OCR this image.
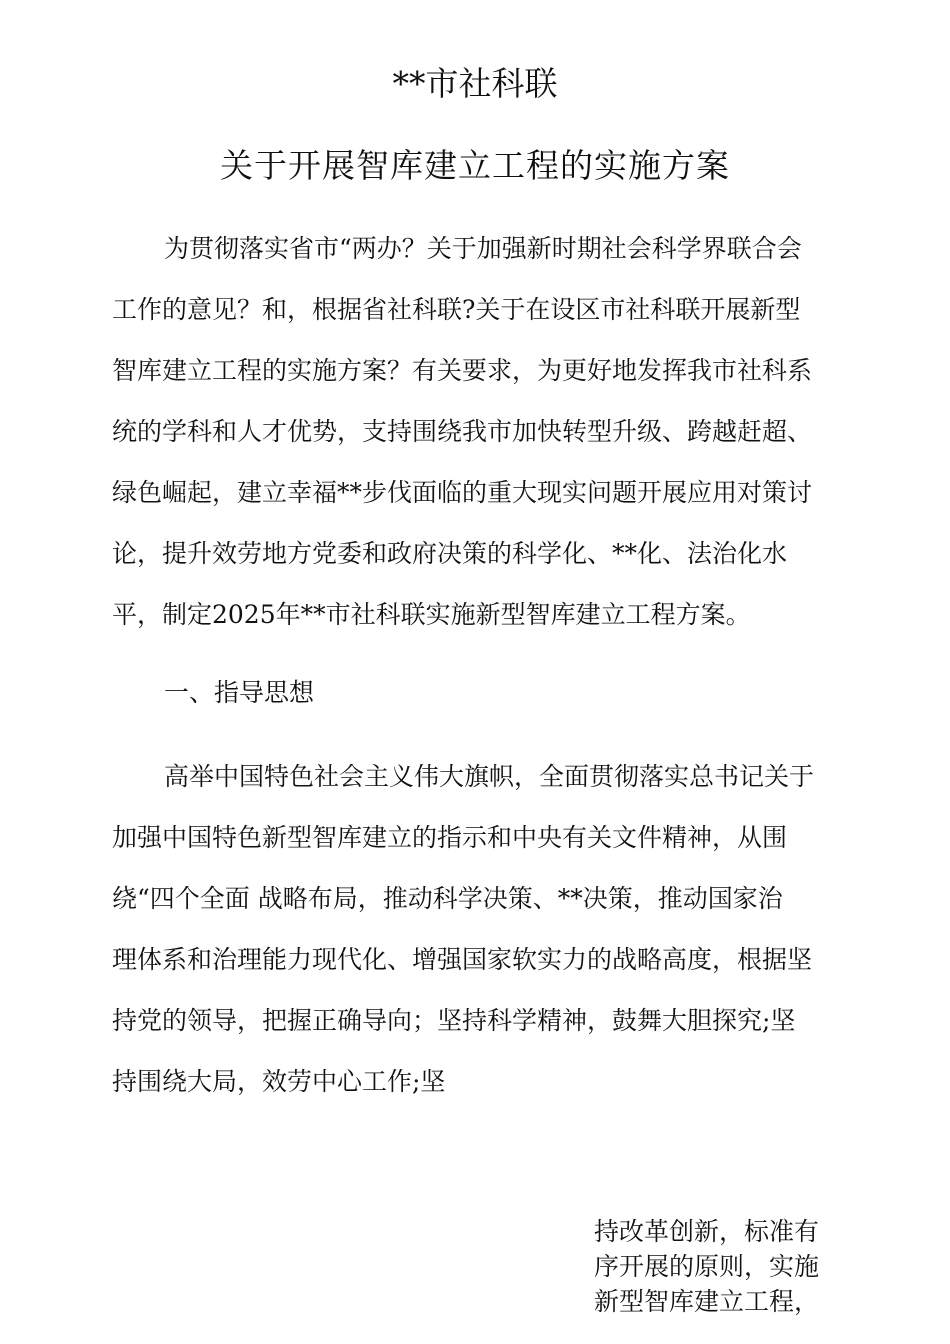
**市社科联
关于开展智库建立工程的实施方案
为贯彻落实省市“两办？关于加强新时期社会科学界联合会
工作的意见？和，根据省社科联?关于在设区市社科联开展新型
智库建立工程的实施方案？有关要求，为更好地发挥我市社科系
统的学科和人才优势，支持围绕我市加快转型升级、跨越赶超、
绿色崛起，建立幸福**步伐面临的重大现实问题开展应用对策讨
论，提升效劳地方党委和政府决策的科学化、**化、法治化水
平，制定2025年**市社科联实施新型智库建立工程方案。
一、指导思想
高举中国特色社会主义伟大旗帜，全面贯彻落实总书记关于
加强中国特色新型智库建立的指示和中央有关文件精神，从围
绕“四个全面 战略布局，推动科学决策、**决策，推动国家治
理体系和治理能力现代化、增强国家软实力的战略高度，根据坚
持党的领导，把握正确导向；坚持科学精神，鼓舞大胆探究;坚
持围绕大局，效劳中心工作;坚
持改革创新，标准有
序开展的原则，实施
新型智库建立工程，
